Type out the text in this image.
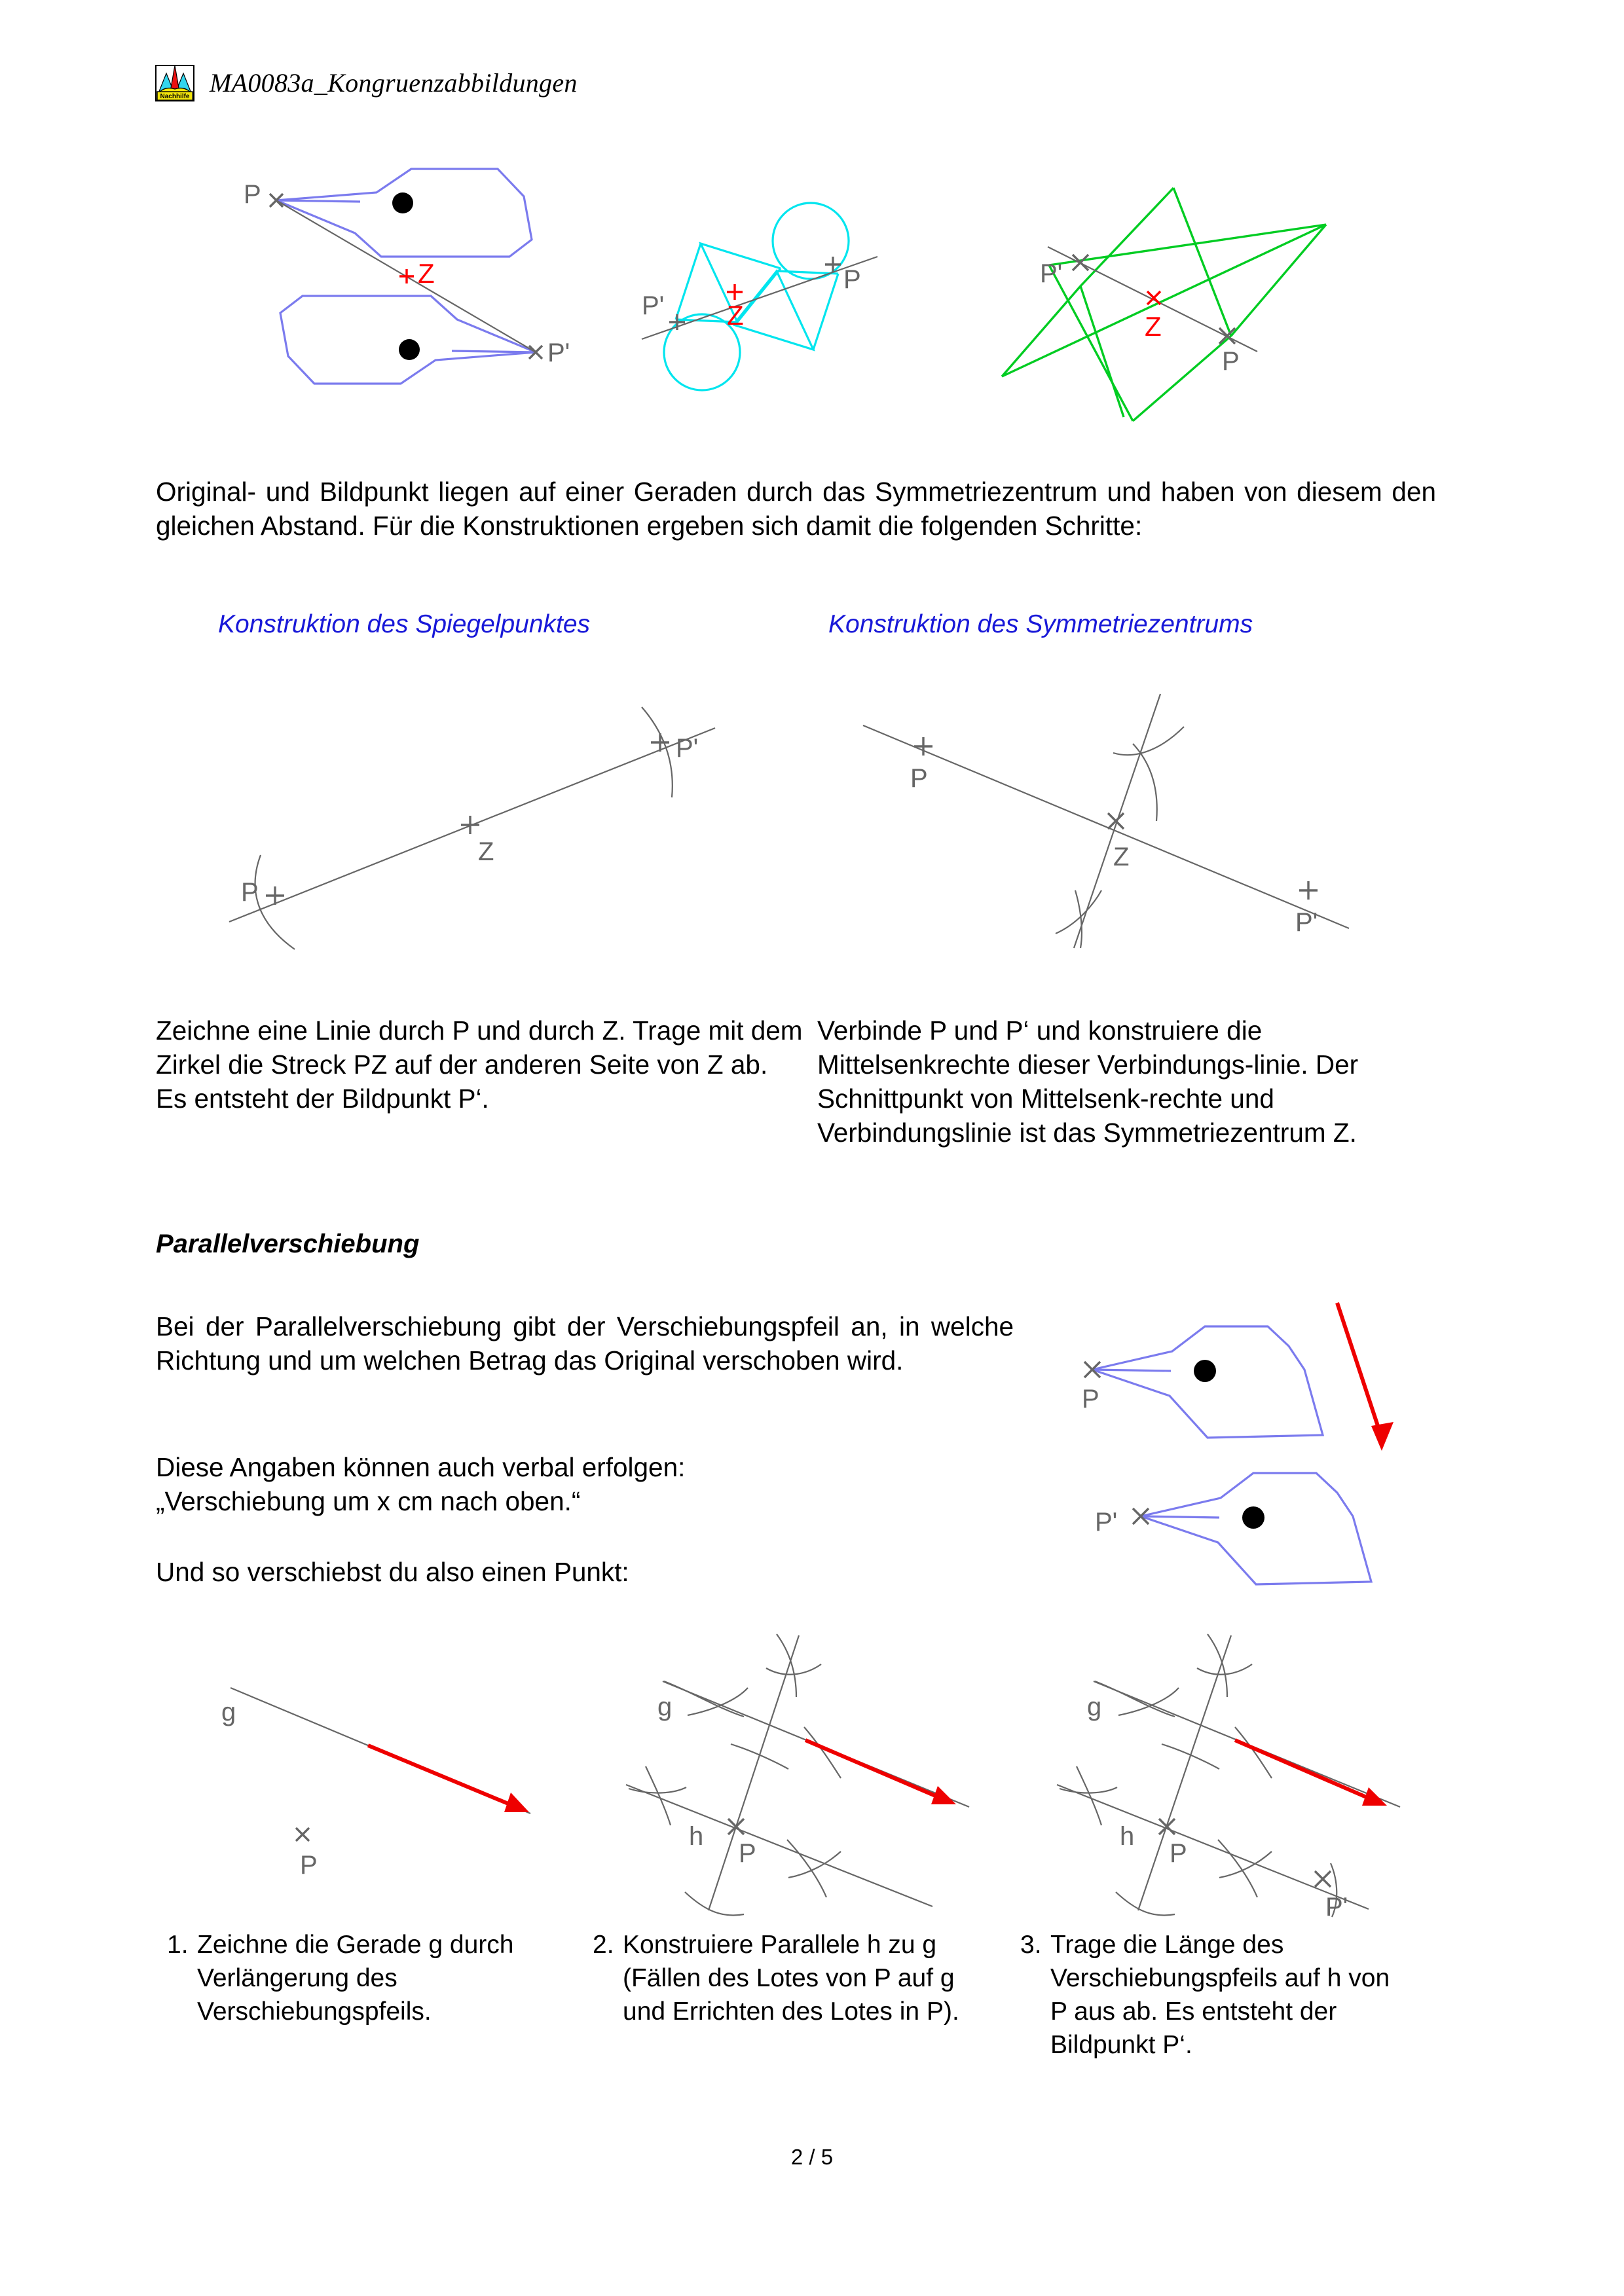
Nachhilfe MA0083a_Kongruenzabbildungen
P
P'
Z	P
P' Z
P'
P
Z
Original- und Bildpunkt liegen auf einer Geraden durch das Symmetriezentrum und haben von diesem den gleichen Abstand. Für die Konstruktionen ergeben sich damit die folgenden Schritte:
Konstruktion des Spiegelpunktes	Konstruktion des Symmetriezentrums
P
Z
P'
P
Z
P'
Zeichne eine Linie durch P und durch Z. Trage mit dem Zirkel die Streck PZ auf der anderen Seite von Z ab. Es entsteht der Bildpunkt P‘.
Verbinde P und P‘ und konstruiere die Mittelsenkrechte dieser Verbindungs-linie. Der Schnittpunkt von Mittelsenk-rechte und Verbindungslinie ist das Symmetriezentrum Z.
Parallelverschiebung
Bei der Parallelverschiebung gibt der Verschiebungspfeil an, in welche Richtung und um welchen Betrag das Original verschoben wird.
Diese Angaben können auch verbal erfolgen:
„Verschiebung um x cm nach oben.“
Und so verschiebst du also einen Punkt:
P
P'
g
P
g
h
P
g
h
P
P'
1. Zeichne die Gerade g durch Verlängerung des Verschiebungspfeils.
2. Konstruiere Parallele h zu g (Fällen des Lotes von P auf g und Errichten des Lotes in P).
3. Trage die Länge des Verschiebungspfeils auf h von P aus ab. Es entsteht der Bildpunkt P‘.
2 / 5
